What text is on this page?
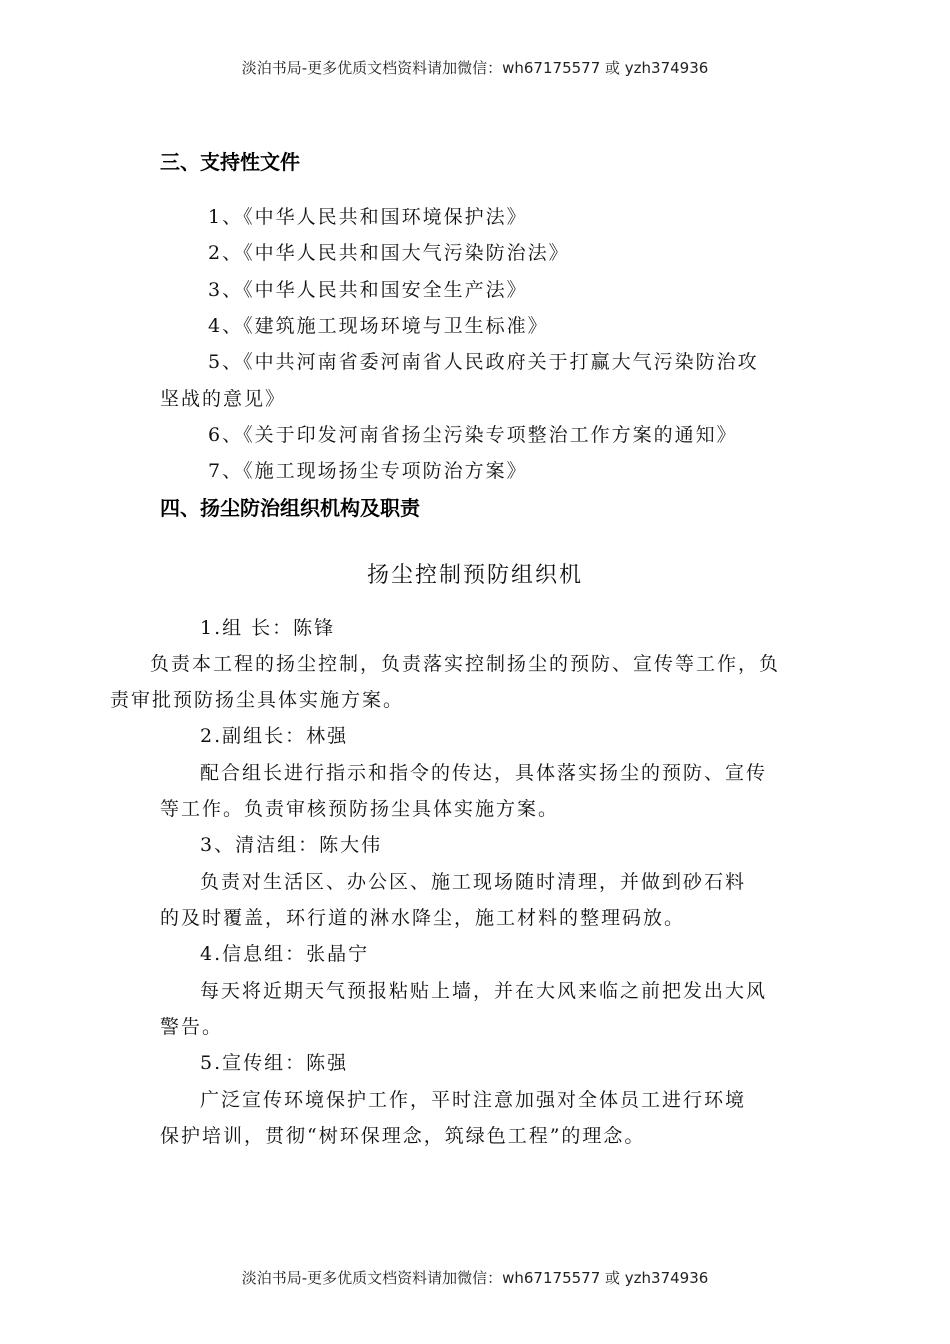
淡泊书局-更多优质文档资料请加微信：wh67175577 或 yzh374936
三、支持性文件
1、《中华人民共和国环境保护法》
2、《中华人民共和国大气污染防治法》
3、《中华人民共和国安全生产法》
4、《建筑施工现场环境与卫生标准》
5、《中共河南省委河南省人民政府关于打赢大气污染防治攻
坚战的意见》
6、《关于印发河南省扬尘污染专项整治工作方案的通知》
7、《施工现场扬尘专项防治方案》
四、扬尘防治组织机构及职责
扬尘控制预防组织机
1.组 长：陈锋
负责本工程的扬尘控制，负责落实控制扬尘的预防、宣传等工作，负
责审批预防扬尘具体实施方案。
2.副组长：林强
配合组长进行指示和指令的传达，具体落实扬尘的预防、宣传
等工作。负责审核预防扬尘具体实施方案。
3、清洁组：陈大伟
负责对生活区、办公区、施工现场随时清理，并做到砂石料
的及时覆盖，环行道的淋水降尘，施工材料的整理码放。
4.信息组：张晶宁
每天将近期天气预报粘贴上墙，并在大风来临之前把发出大风
警告。
5.宣传组：陈强
广泛宣传环境保护工作，平时注意加强对全体员工进行环境
保护培训，贯彻“树环保理念，筑绿色工程”的理念。
淡泊书局-更多优质文档资料请加微信：wh67175577 或 yzh374936
